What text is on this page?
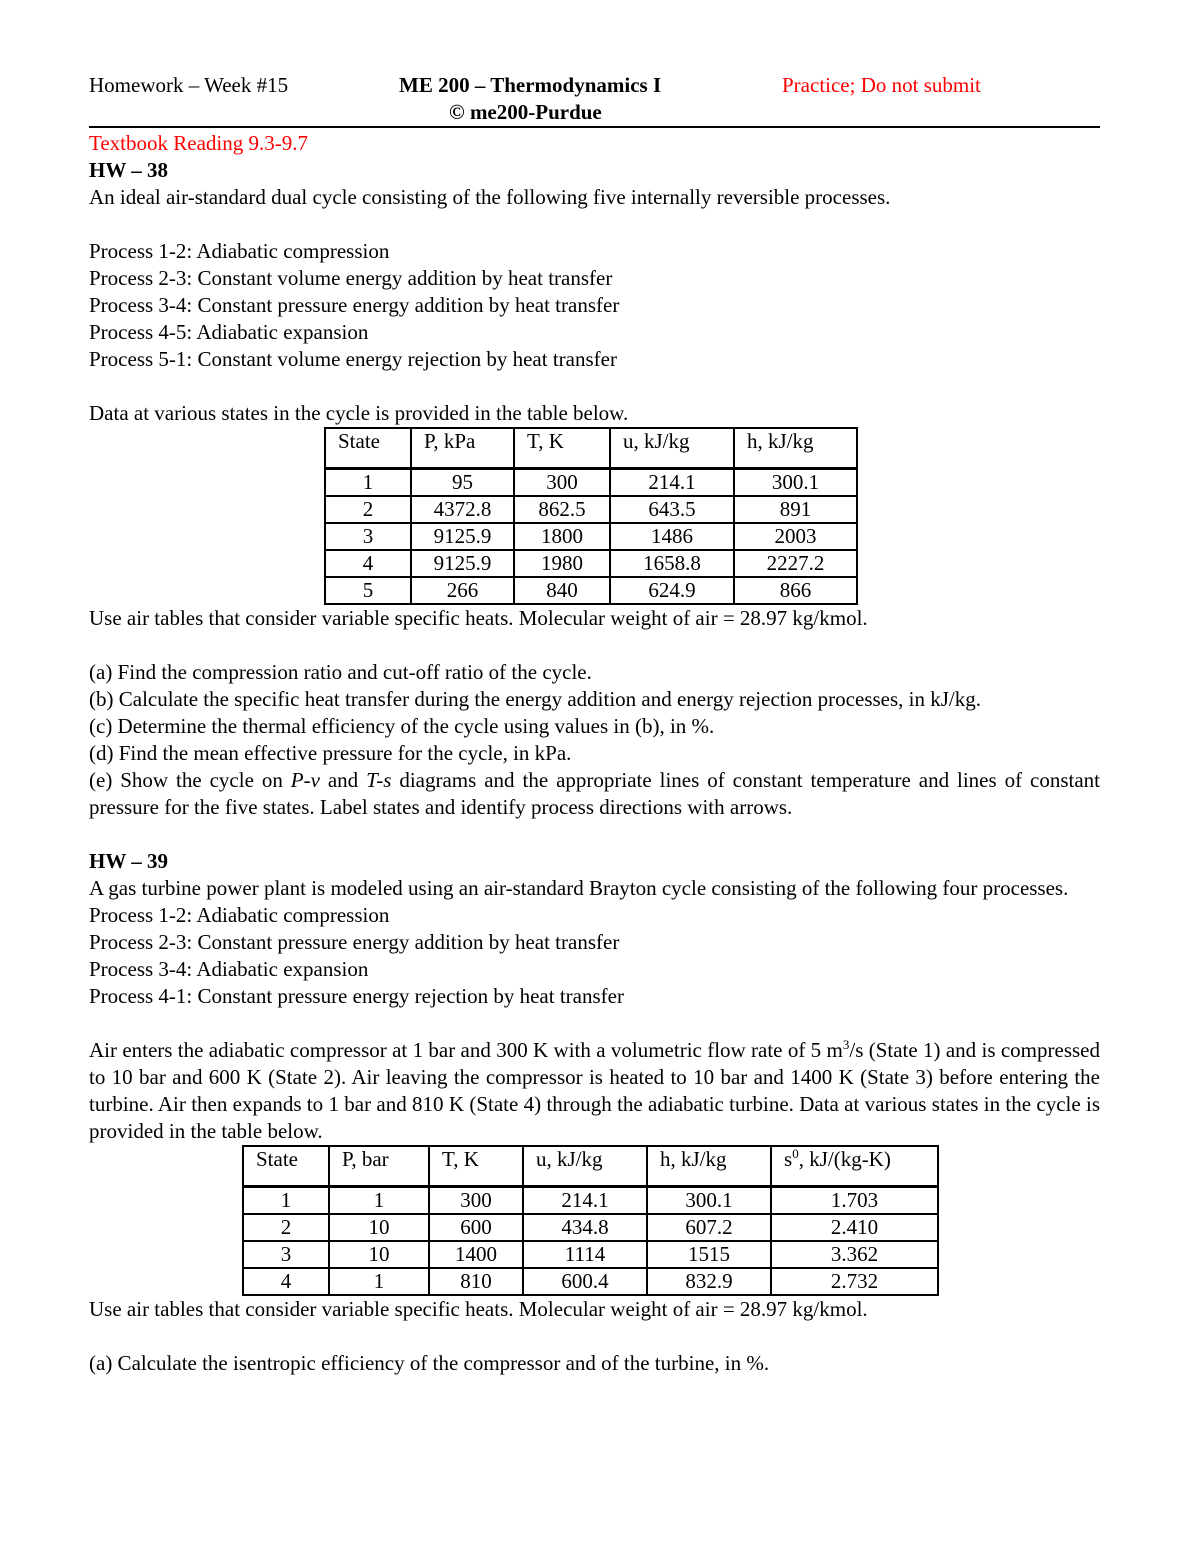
Homework – Week #15	ME 200 – Thermodynamics I
© me200-Purdue
Practice; Do not submit

Textbook Reading 9.3-9.7

HW – 38

An ideal air-standard dual cycle consisting of the following five internally reversible processes.

Process 1-2: Adiabatic compression

Process 2-3: Constant volume energy addition by heat transfer

Process 3-4: Constant pressure energy addition by heat transfer

Process 4-5: Adiabatic expansion

Process 5-1: Constant volume energy rejection by heat transfer

Data at various states in the cycle is provided in the table below.

State	P, kPa	T, K	u, kJ/kg	h, kJ/kg
1	95	300	214.1	300.1
2	4372.8	862.5	643.5	891
3	9125.9	1800	1486	2003
4	9125.9	1980	1658.8	2227.2
5	266	840	624.9	866

Use air tables that consider variable specific heats. Molecular weight of air = 28.97 kg/kmol.

(a) Find the compression ratio and cut-off ratio of the cycle.

(b) Calculate the specific heat transfer during the energy addition and energy rejection processes, in kJ/kg.

(c) Determine the thermal efficiency of the cycle using values in (b), in %.

(d) Find the mean effective pressure for the cycle, in kPa.

(e) Show the cycle on P-v and T-s diagrams and the appropriate lines of constant temperature and lines of constant pressure for the five states. Label states and identify process directions with arrows.

HW – 39

A gas turbine power plant is modeled using an air-standard Brayton cycle consisting of the following four processes.

Process 1-2: Adiabatic compression

Process 2-3: Constant pressure energy addition by heat transfer

Process 3-4: Adiabatic expansion

Process 4-1: Constant pressure energy rejection by heat transfer

Air enters the adiabatic compressor at 1 bar and 300 K with a volumetric flow rate of 5 $m^3/s$ (State 1) and is compressed to 10 bar and 600 K (State 2). Air leaving the compressor is heated to 10 bar and 1400 K (State 3) before entering the turbine. Air then expands to 1 bar and 810 K (State 4) through the adiabatic turbine. Data at various states in the cycle is provided in the table below.

State	P, bar	T, K	u, kJ/kg	h, kJ/kg	$s^0$, kJ/(kg-K)
1	1	300	214.1	300.1	1.703
2	10	600	434.8	607.2	2.410
3	10	1400	1114	1515	3.362
4	1	810	600.4	832.9	2.732

Use air tables that consider variable specific heats. Molecular weight of air = 28.97 kg/kmol.

(a) Calculate the isentropic efficiency of the compressor and of the turbine, in %.
